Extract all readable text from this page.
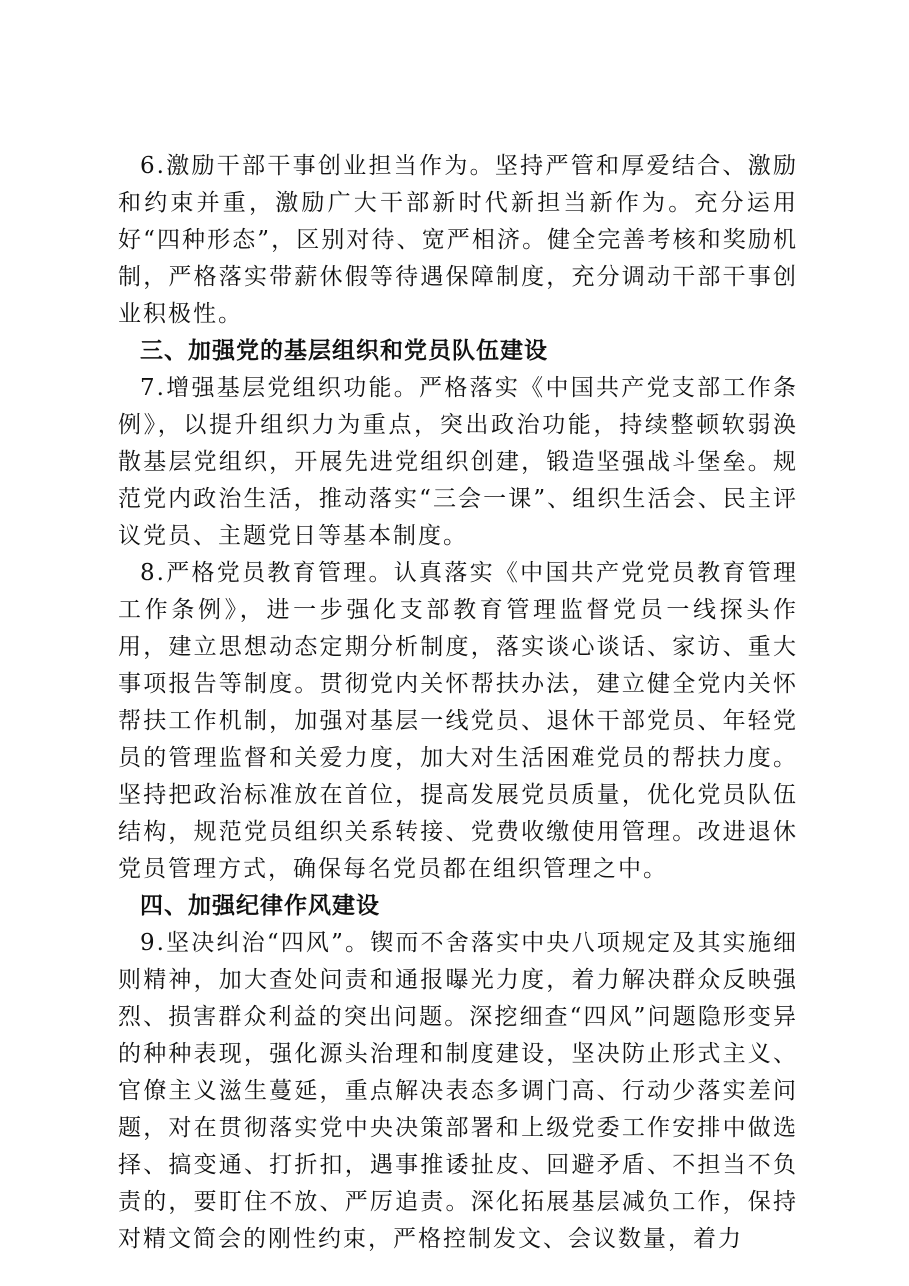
6.激励干部干事创业担当作为。坚持严管和厚爱结合、激励和约束并重，激励广大干部新时代新担当新作为。充分运用好“四种形态”，区别对待、宽严相济。健全完善考核和奖励机制，严格落实带薪休假等待遇保障制度，充分调动干部干事创业积极性。

三、加强党的基层组织和党员队伍建设

7.增强基层党组织功能。严格落实《中国共产党支部工作条例》，以提升组织力为重点，突出政治功能，持续整顿软弱涣散基层党组织，开展先进党组织创建，锻造坚强战斗堡垒。规范党内政治生活，推动落实“三会一课”、组织生活会、民主评议党员、主题党日等基本制度。

8.严格党员教育管理。认真落实《中国共产党党员教育管理工作条例》，进一步强化支部教育管理监督党员一线探头作用，建立思想动态定期分析制度，落实谈心谈话、家访、重大事项报告等制度。贯彻党内关怀帮扶办法，建立健全党内关怀帮扶工作机制，加强对基层一线党员、退休干部党员、年轻党员的管理监督和关爱力度，加大对生活困难党员的帮扶力度。坚持把政治标准放在首位，提高发展党员质量，优化党员队伍结构，规范党员组织关系转接、党费收缴使用管理。改进退休党员管理方式，确保每名党员都在组织管理之中。

四、加强纪律作风建设

9.坚决纠治“四风”。锲而不舍落实中央八项规定及其实施细则精神，加大查处问责和通报曝光力度，着力解决群众反映强烈、损害群众利益的突出问题。深挖细查“四风”问题隐形变异的种种表现，强化源头治理和制度建设，坚决防止形式主义、官僚主义滋生蔓延，重点解决表态多调门高、行动少落实差问题，对在贯彻落实党中央决策部署和上级党委工作安排中做选择、搞变通、打折扣，遇事推诿扯皮、回避矛盾、不担当不负责的，要盯住不放、严厉追责。深化拓展基层减负工作，保持对精文简会的刚性约束，严格控制发文、会议数量，着力
